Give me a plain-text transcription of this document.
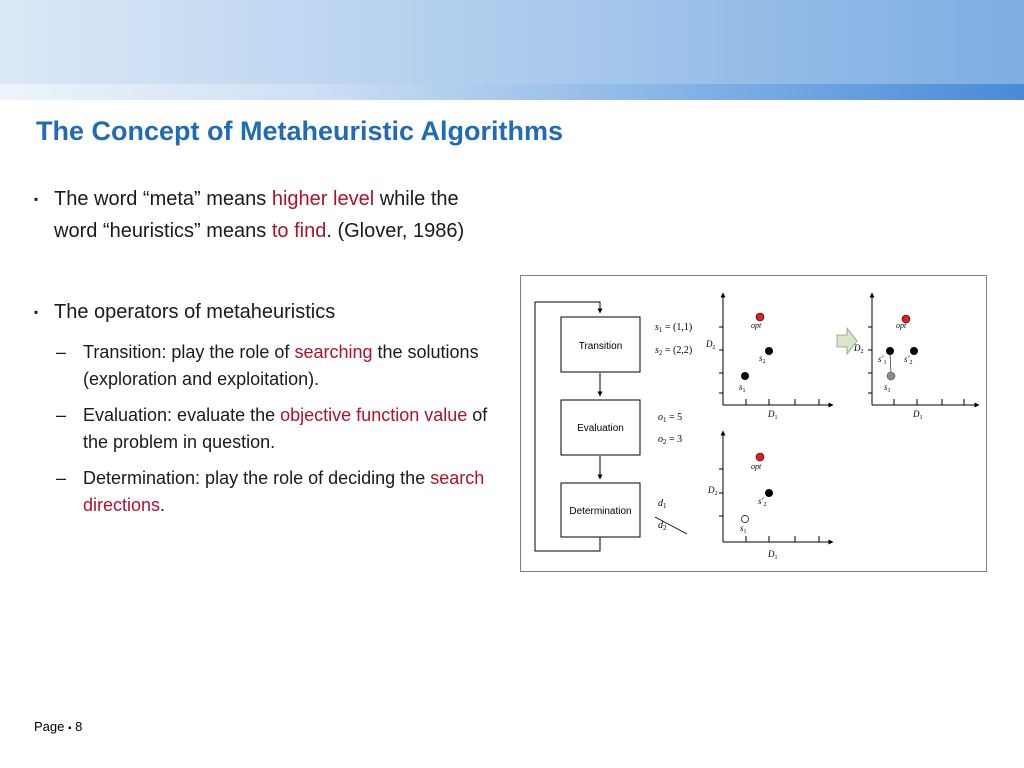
The Concept of Metaheuristic Algorithms
▪ The word “meta” means higher level while the word “heuristics” means to find. (Glover, 1986)
▪ The operators of metaheuristics
– Transition: play the role of searching the solutions (exploration and exploitation).
– Evaluation: evaluate the objective function value of the problem in question.
– Determination: play the role of deciding the search directions.
Transition
Evaluation
Determination
$s_1 = (1,1)$
$s_2 = (2,2)$
$o_1 = 5$
$o_2 = 3$
$d_1$
$d_2$
opt
$s_2$
$s_1$
$D_2$
$D_1$
opt
$s'_1$ $s'_2$
$s_1$
$D_2$
$D_1$
opt
$s'_2$
$s_1$
$D_2$
$D_1$
Page ▪ 8
